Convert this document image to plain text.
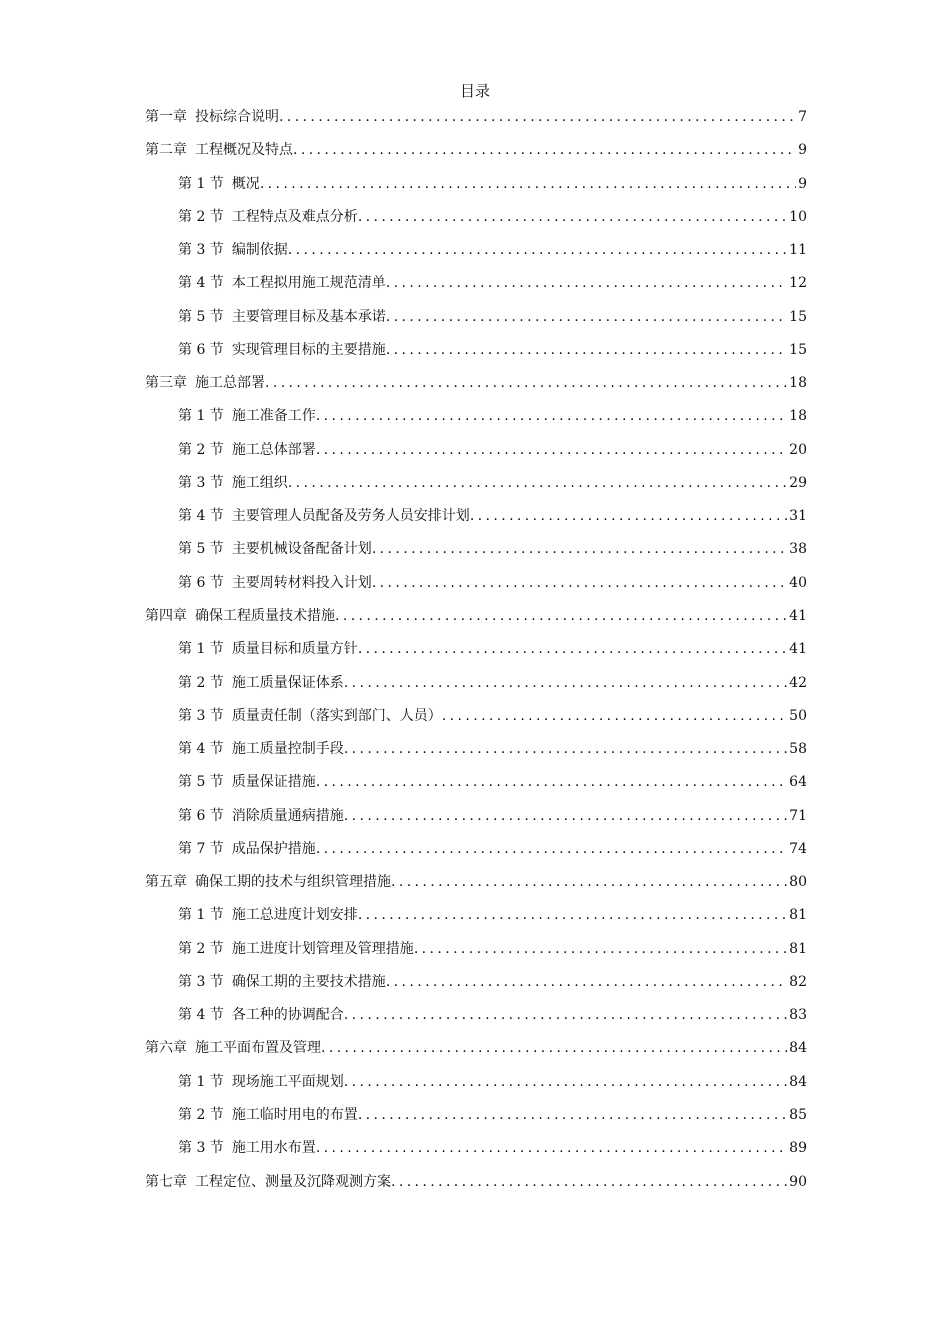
目录
第一章 投标综合说明 .....	7
第二章 工程概况及特点 .....	9
第 1 节 概况 .....	9
第 2 节 工程特点及难点分析 .....	10
第 3 节 编制依据 .....	11
第 4 节 本工程拟用施工规范清单 .....	12
第 5 节 主要管理目标及基本承诺 .....	15
第 6 节 实现管理目标的主要措施 .....	15
第三章 施工总部署 .....	18
第 1 节 施工准备工作 .....	18
第 2 节 施工总体部署 .....	20
第 3 节 施工组织 .....	29
第 4 节 主要管理人员配备及劳务人员安排计划 .....	31
第 5 节 主要机械设备配备计划 .....	38
第 6 节 主要周转材料投入计划 .....	40
第四章 确保工程质量技术措施 .....	41
第 1 节 质量目标和质量方针 .....	41
第 2 节 施工质量保证体系 .....	42
第 3 节 质量责任制（落实到部门、人员） .....	50
第 4 节 施工质量控制手段 .....	58
第 5 节 质量保证措施 .....	64
第 6 节 消除质量通病措施 .....	71
第 7 节 成品保护措施 .....	74
第五章 确保工期的技术与组织管理措施 .....	80
第 1 节 施工总进度计划安排 .....	81
第 2 节 施工进度计划管理及管理措施 .....	81
第 3 节 确保工期的主要技术措施 .....	82
第 4 节 各工种的协调配合 .....	83
第六章 施工平面布置及管理 .....	84
第 1 节 现场施工平面规划 .....	84
第 2 节 施工临时用电的布置 .....	85
第 3 节 施工用水布置 .....	89
第七章 工程定位、测量及沉降观测方案 .....	90
